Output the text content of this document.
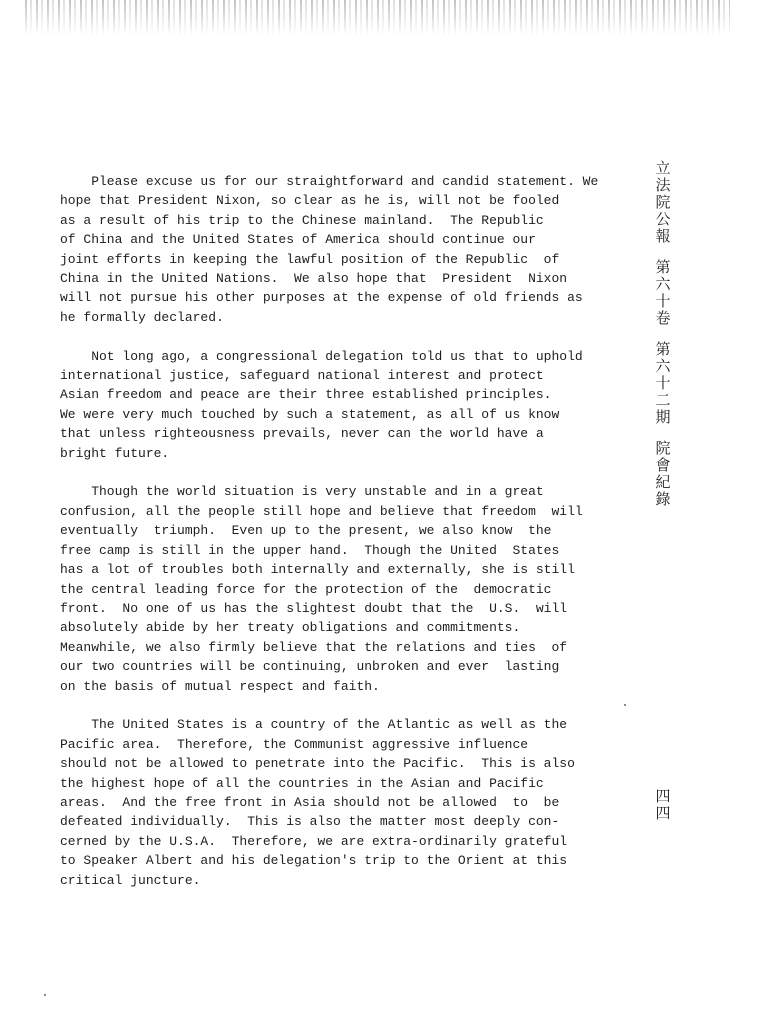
Please excuse us for our straightforward and candid statement. We
hope that President Nixon, so clear as he is, will not be fooled
as a result of his trip to the Chinese mainland.  The Republic
of China and the United States of America should continue our
joint efforts in keeping the lawful position of the Republic  of
China in the United Nations.  We also hope that  President  Nixon
will not pursue his other purposes at the expense of old friends as
he formally declared.
Not long ago, a congressional delegation told us that to uphold
international justice, safeguard national interest and protect
Asian freedom and peace are their three established principles.
We were very much touched by such a statement, as all of us know
that unless righteousness prevails, never can the world have a
bright future.
Though the world situation is very unstable and in a great
confusion, all the people still hope and believe that freedom  will
eventually  triumph.  Even up to the present, we also know  the
free camp is still in the upper hand.  Though the United  States
has a lot of troubles both internally and externally, she is still
the central leading force for the protection of the  democratic
front.  No one of us has the slightest doubt that the  U.S.  will
absolutely abide by her treaty obligations and commitments.
Meanwhile, we also firmly believe that the relations and ties  of
our two countries will be continuing, unbroken and ever  lasting
on the basis of mutual respect and faith.
The United States is a country of the Atlantic as well as the
Pacific area.  Therefore, the Communist aggressive influence
should not be allowed to penetrate into the Pacific.  This is also
the highest hope of all the countries in the Asian and Pacific
areas.  And the free front in Asia should not be allowed  to  be
defeated individually.  This is also the matter most deeply con-
cerned by the U.S.A.  Therefore, we are extra-ordinarily grateful
to Speaker Albert and his delegation's trip to the Orient at this
critical juncture.
立
法
院
公
報
第
六
十
卷
第
六
十
二
期
院
會
紀
錄
四
四
